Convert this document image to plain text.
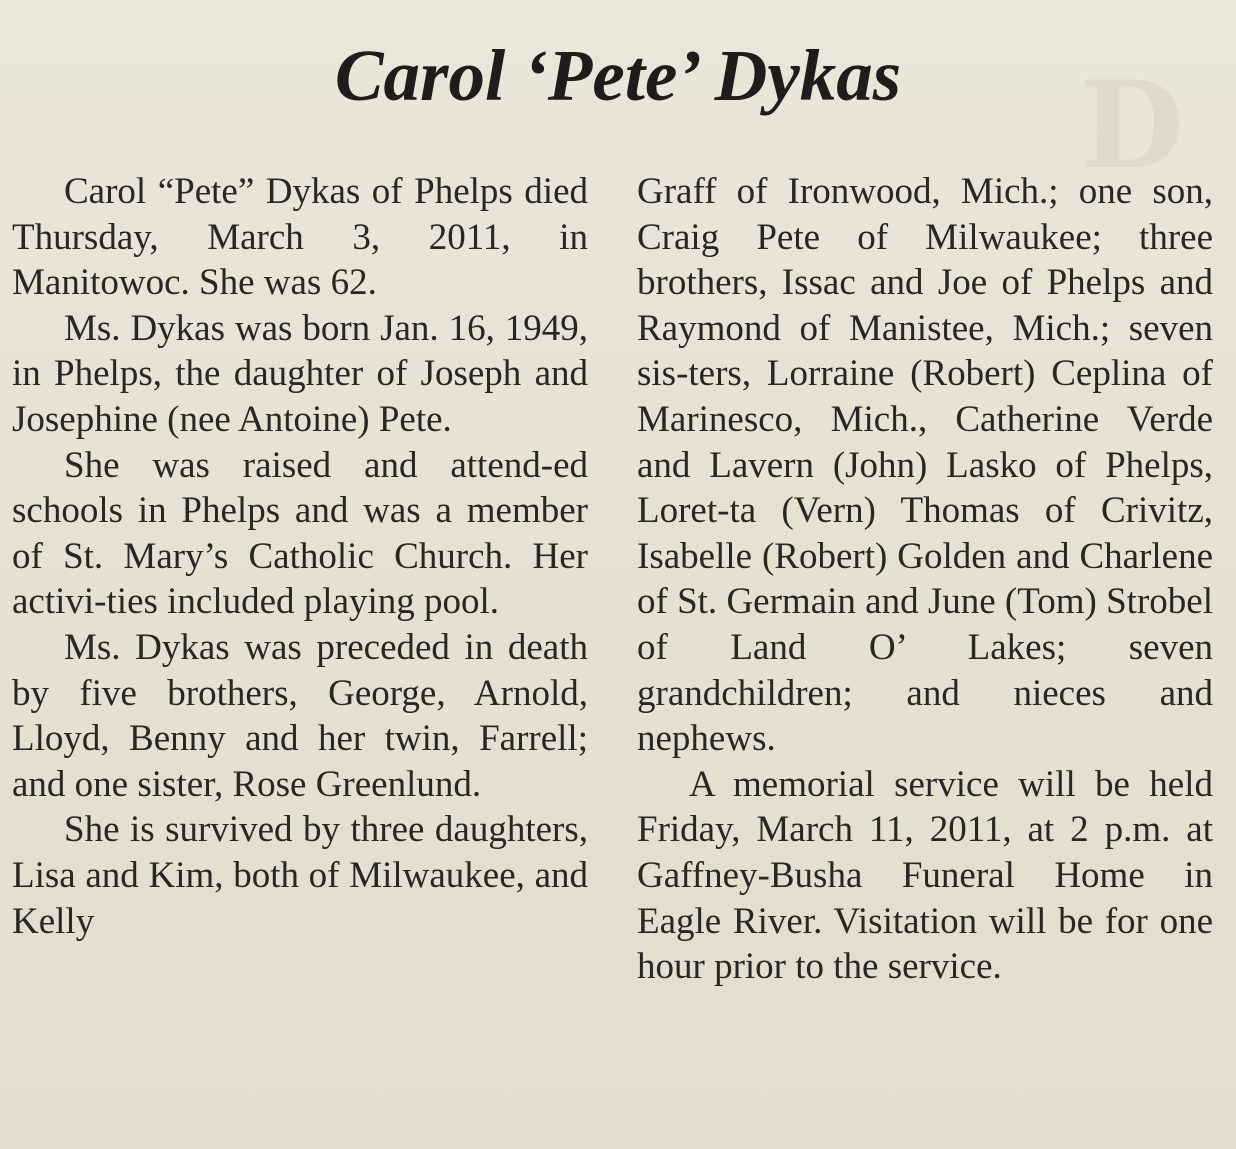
D
Carol ‘Pete’ Dykas

Carol “Pete” Dykas of Phelps died Thursday, March 3, 2011, in Manitowoc. She was 62.

Ms. Dykas was born Jan. 16, 1949, in Phelps, the daughter of Joseph and Josephine (nee Antoine) Pete.

She was raised and attend-ed schools in Phelps and was a member of St. Mary’s Catholic Church. Her activi-ties included playing pool.

Ms. Dykas was preceded in death by five brothers, George, Arnold, Lloyd, Benny and her twin, Farrell; and one sister, Rose Greenlund.

She is survived by three daughters, Lisa and Kim, both of Milwaukee, and Kelly

Graff of Ironwood, Mich.; one son, Craig Pete of Milwaukee; three brothers, Issac and Joe of Phelps and Raymond of Manistee, Mich.; seven sis-ters, Lorraine (Robert) Ceplina of Marinesco, Mich., Catherine Verde and Lavern (John) Lasko of Phelps, Loret-ta (Vern) Thomas of Crivitz, Isabelle (Robert) Golden and Charlene of St. Germain and June (Tom) Strobel of Land O’ Lakes; seven grandchildren; and nieces and nephews.

A memorial service will be held Friday, March 11, 2011, at 2 p.m. at Gaffney-Busha Funeral Home in Eagle River. Visitation will be for one hour prior to the service.
